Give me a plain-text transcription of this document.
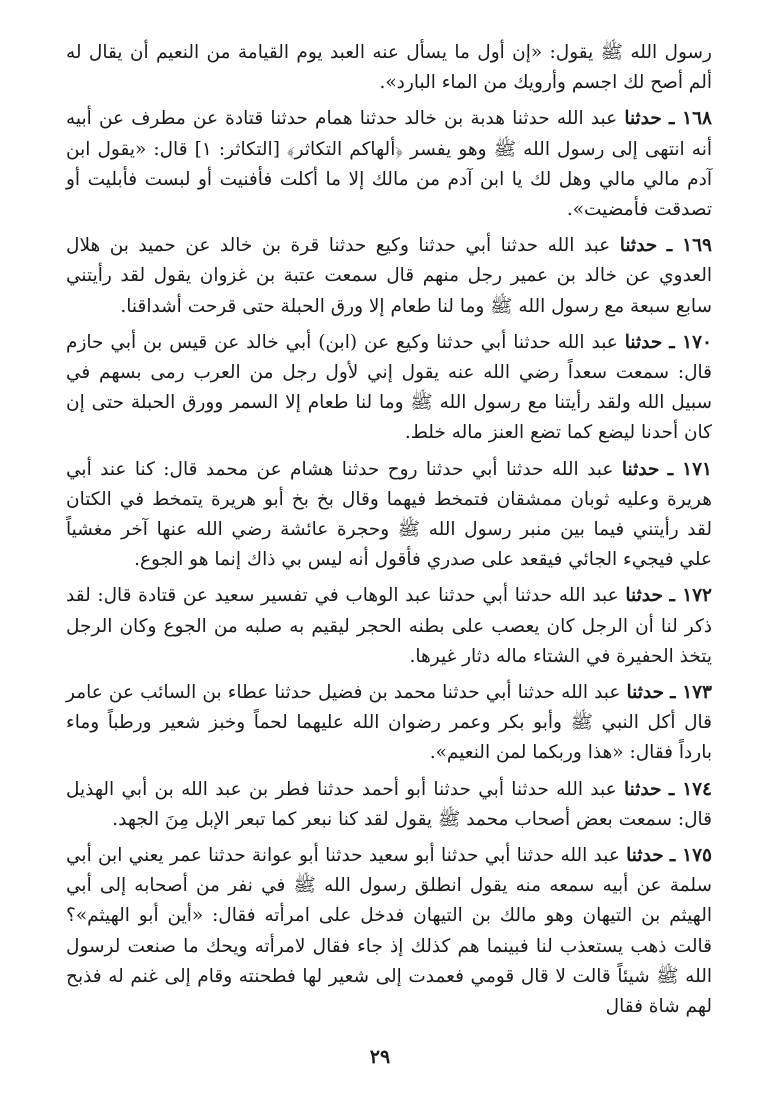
رسول الله ﷺ يقول: «إن أول ما يسأل عنه العبد يوم القيامة من النعيم أن يقال له ألم أصح لك اجسم وأرويك من الماء البارد».

١٦٨ ـ حدثنا عبد الله حدثنا هدبة بن خالد حدثنا همام حدثنا قتادة عن مطرف عن أبيه أنه انتهى إلى رسول الله ﷺ وهو يفسر ﴿ألهاكم التكاثر﴾ [التكاثر: ١] قال: «يقول ابن آدم مالي مالي وهل لك يا ابن آدم من مالك إلا ما أكلت فأفنيت أو لبست فأبليت أو تصدقت فأمضيت».

١٦٩ ـ حدثنا عبد الله حدثنا أبي حدثنا وكيع حدثنا قرة بن خالد عن حميد بن هلال العدوي عن خالد بن عمير رجل منهم قال سمعت عتبة بن غزوان يقول لقد رأيتني سابع سبعة مع رسول الله ﷺ وما لنا طعام إلا ورق الحبلة حتى قرحت أشداقنا.

١٧٠ ـ حدثنا عبد الله حدثنا أبي حدثنا وكيع عن (ابن) أبي خالد عن قيس بن أبي حازم قال: سمعت سعداً رضي الله عنه يقول إني لأول رجل من العرب رمى بسهم في سبيل الله ولقد رأيتنا مع رسول الله ﷺ وما لنا طعام إلا السمر وورق الحبلة حتى إن كان أحدنا ليضع كما تضع العنز ماله خلط.

١٧١ ـ حدثنا عبد الله حدثنا أبي حدثنا روح حدثنا هشام عن محمد قال: كنا عند أبي هريرة وعليه ثوبان ممشقان فتمخط فيهما وقال بخ بخ أبو هريرة يتمخط في الكتان لقد رأيتني فيما بين منبر رسول الله ﷺ وحجرة عائشة رضي الله عنها آخر مغشياً علي فيجيء الجائي فيقعد على صدري فأقول أنه ليس بي ذاك إنما هو الجوع.

١٧٢ ـ حدثنا عبد الله حدثنا أبي حدثنا عبد الوهاب في تفسير سعيد عن قتادة قال: لقد ذكر لنا أن الرجل كان يعصب على بطنه الحجر ليقيم به صلبه من الجوع وكان الرجل يتخذ الحفيرة في الشتاء ماله دثار غيرها.

١٧٣ ـ حدثنا عبد الله حدثنا أبي حدثنا محمد بن فضيل حدثنا عطاء بن السائب عن عامر قال أكل النبي ﷺ وأبو بكر وعمر رضوان الله عليهما لحماً وخبز شعير ورطباً وماء بارداً فقال: «هذا وربكما لمن النعيم».

١٧٤ ـ حدثنا عبد الله حدثنا أبي حدثنا أبو أحمد حدثنا فطر بن عبد الله بن أبي الهذيل قال: سمعت بعض أصحاب محمد ﷺ يقول لقد كنا نبعر كما تبعر الإبل مِنَ الجهد.

١٧٥ ـ حدثنا عبد الله حدثنا أبي حدثنا أبو سعيد حدثنا أبو عوانة حدثنا عمر يعني ابن أبي سلمة عن أبيه سمعه منه يقول انطلق رسول الله ﷺ في نفر من أصحابه إلى أبي الهيثم بن التيهان وهو مالك بن التيهان فدخل على امرأته فقال: «أين أبو الهيثم»؟ قالت ذهب يستعذب لنا فبينما هم كذلك إذ جاء فقال لامرأته ويحك ما صنعت لرسول الله ﷺ شيئاً قالت لا قال قومي فعمدت إلى شعير لها فطحنته وقام إلى غنم له فذبح لهم شاة فقال

٢٩
